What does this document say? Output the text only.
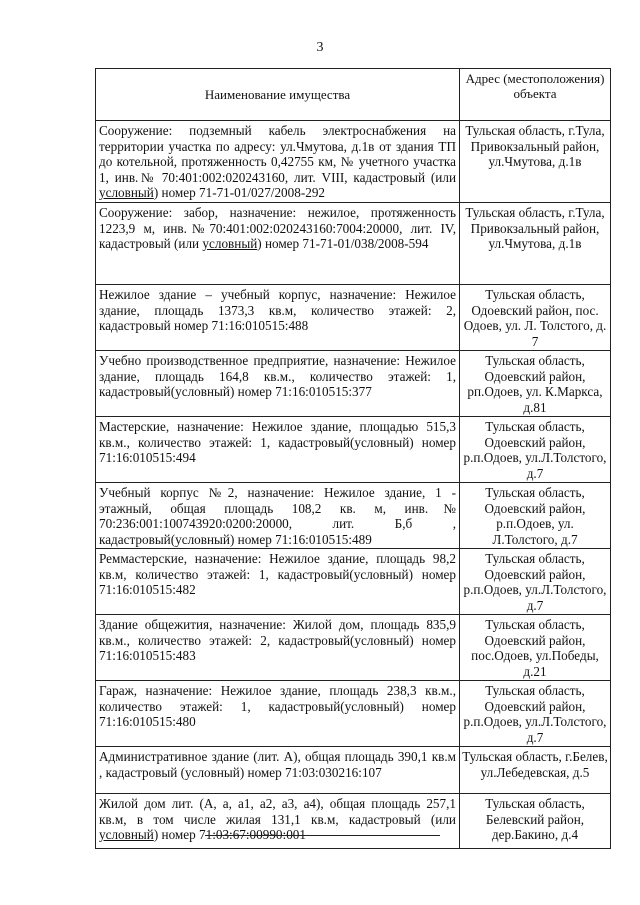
3
Наименование имущества	Адрес (местоположения) объекта
Сооружение: подземный кабель электроснабжения на территории участка по адресу: ул.Чмутова, д.1в от здания ТП до котельной, протяженность 0,42755 км, № учетного участка 1, инв.№ 70:401:002:020243160, лит. VIII, кадастровый (или условный) номер 71-71-01/027/2008-292	Тульская область, г.Тула, Привокзальный район, ул.Чмутова, д.1в
Сооружение: забор, назначение: нежилое, протяженность 1223,9 м, инв.№70:401:002:020243160:7004:20000, лит. IV, кадастровый (или условный) номер 71-71-01/038/2008-594	Тульская область, г.Тула, Привокзальный район, ул.Чмутова, д.1в
Нежилое здание – учебный корпус, назначение: Нежилое здание, площадь 1373,3 кв.м, количество этажей: 2, кадастровый номер 71:16:010515:488	Тульская область, Одоевский район, пос. Одоев, ул. Л. Толстого, д. 7
Учебно производственное предприятие, назначение: Нежилое здание, площадь 164,8 кв.м., количество этажей: 1, кадастровый(условный) номер 71:16:010515:377	Тульская область, Одоевский район, рп.Одоев, ул. К.Маркса, д.81
Мастерские, назначение: Нежилое здание, площадью 515,3 кв.м., количество этажей: 1, кадастровый(условный) номер 71:16:010515:494	Тульская область, Одоевский район, р.п.Одоев, ул.Л.Толстого, д.7
Учебный корпус №2, назначение: Нежилое здание, 1 - этажный, общая площадь 108,2 кв. м, инв.№ 70:236:001:100743920:0200:20000, лит. Б,б , кадастровый(условный) номер 71:16:010515:489	Тульская область, Одоевский район, р.п.Одоев, ул. Л.Толстого, д.7
Реммастерские, назначение: Нежилое здание, площадь 98,2 кв.м, количество этажей: 1, кадастровый(условный) номер 71:16:010515:482	Тульская область, Одоевский район, р.п.Одоев, ул.Л.Толстого, д.7
Здание общежития, назначение: Жилой дом, площадь 835,9 кв.м., количество этажей: 2, кадастровый(условный) номер 71:16:010515:483	Тульская область, Одоевский район, пос.Одоев, ул.Победы, д.21
Гараж, назначение: Нежилое здание, площадь 238,3 кв.м., количество этажей: 1, кадастровый(условный) номер 71:16:010515:480	Тульская область, Одоевский район, р.п.Одоев, ул.Л.Толстого, д.7
Административное здание (лит. А), общая площадь 390,1 кв.м , кадастровый (условный) номер 71:03:030216:107	Тульская область, г.Белев, ул.Лебедевская, д.5
Жилой дом лит. (А, а, а1, а2, а3, а4), общая площадь 257,1 кв.м, в том числе жилая 131,1 кв.м, кадастровый (или условный) номер 71:03:67:00990:001	Тульская область, Белевский район, дер.Бакино, д.4
